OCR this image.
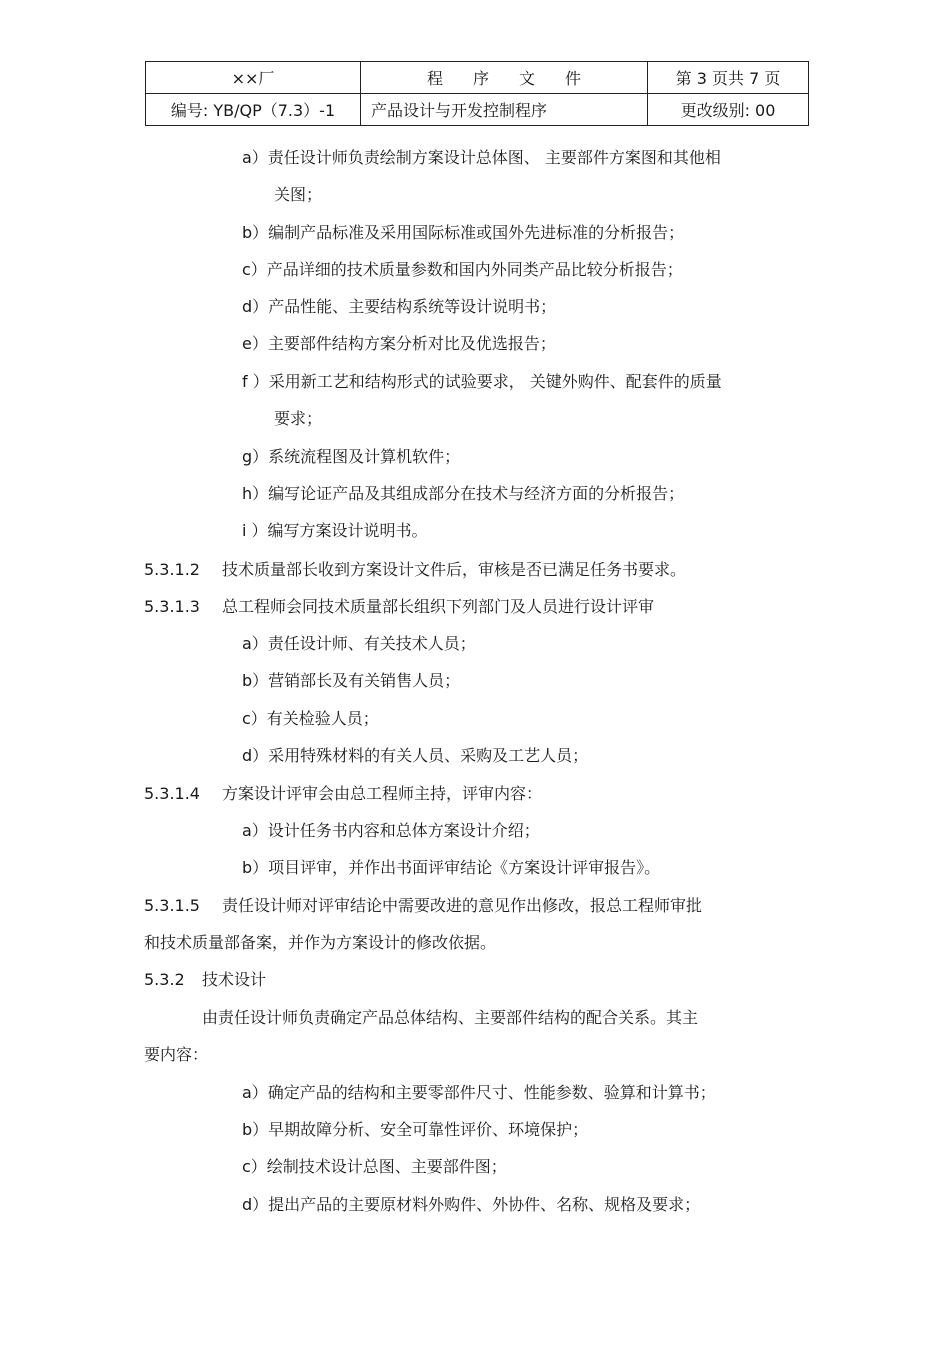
××厂	程序文件	第 3 页共 7 页
编号: YB/QP（7.3）-1	产品设计与开发控制程序	更改级别: 00

a）责任设计师负责绘制方案设计总体图、 主要部件方案图和其他相

关图；

b）编制产品标准及采用国际标准或国外先进标准的分析报告；

c）产品详细的技术质量参数和国内外同类产品比较分析报告；

d）产品性能、主要结构系统等设计说明书；

e）主要部件结构方案分析对比及优选报告；

f ）采用新工艺和结构形式的试验要求， 关键外购件、配套件的质量

要求；

g）系统流程图及计算机软件；

h）编写论证产品及其组成部分在技术与经济方面的分析报告；

i ）编写方案设计说明书。

5.3.1.2 技术质量部长收到方案设计文件后，审核是否已满足任务书要求。

5.3.1.3 总工程师会同技术质量部长组织下列部门及人员进行设计评审

a）责任设计师、有关技术人员；

b）营销部长及有关销售人员；

c）有关检验人员；

d）采用特殊材料的有关人员、采购及工艺人员；

5.3.1.4 方案设计评审会由总工程师主持，评审内容：

a）设计任务书内容和总体方案设计介绍；

b）项目评审，并作出书面评审结论《方案设计评审报告》。

5.3.1.5 责任设计师对评审结论中需要改进的意见作出修改，报总工程师审批

和技术质量部备案，并作为方案设计的修改依据。

5.3.2 技术设计

由责任设计师负责确定产品总体结构、主要部件结构的配合关系。其主

要内容：

a）确定产品的结构和主要零部件尺寸、性能参数、验算和计算书；

b）早期故障分析、安全可靠性评价、环境保护；

c）绘制技术设计总图、主要部件图；

d）提出产品的主要原材料外购件、外协件、名称、规格及要求；
